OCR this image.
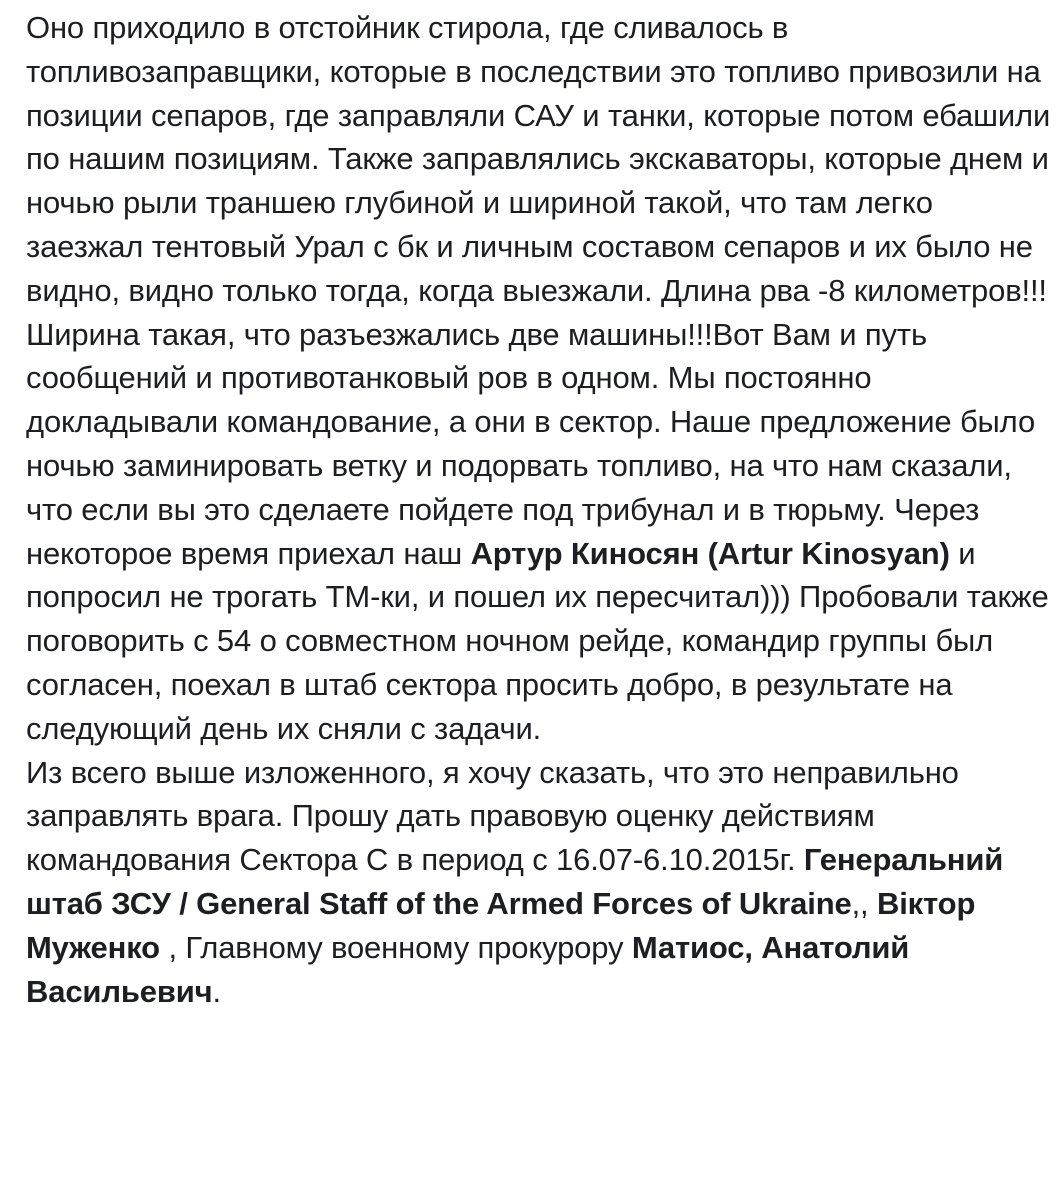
Оно приходило в отстойник стирола, где сливалось в топливозаправщики, которые в последствии это топливо привозили на позиции сепаров, где заправляли САУ и танки, которые потом ебашили по нашим позициям. Также заправлялись экскаваторы, которые днем и ночью рыли траншею глубиной и шириной такой, что там легко заезжал тентовый Урал с бк и личным составом сепаров и их было не видно, видно только тогда, когда выезжали. Длина рва -8 километров!!!Ширина такая, что разъезжались две машины!!!Вот Вам и путь сообщений и противотанковый ров в одном. Мы постоянно докладывали командование, а они в сектор. Наше предложение было ночью заминировать ветку и подорвать топливо, на что нам сказали, что если вы это сделаете пойдете под трибунал и в тюрьму. Через некоторое время приехал наш Артур Киносян (Artur Kinosyan) и попросил не трогать ТМ-ки, и пошел их пересчитал))) Пробовали также поговорить с 54 о совместном ночном рейде, командир группы был согласен, поехал в штаб сектора просить добро, в результате на следующий день их сняли с задачи.

Из всего выше изложенного, я хочу сказать, что это неправильно заправлять врага. Прошу дать правовую оценку действиям командования Сектора С в период с 16.07-6.10.2015г. Генеральний штаб ЗСУ / General Staff of the Armed Forces of Ukraine,, Віктор Муженко , Главному военному прокурору Матиос, Анатолий Васильевич.
